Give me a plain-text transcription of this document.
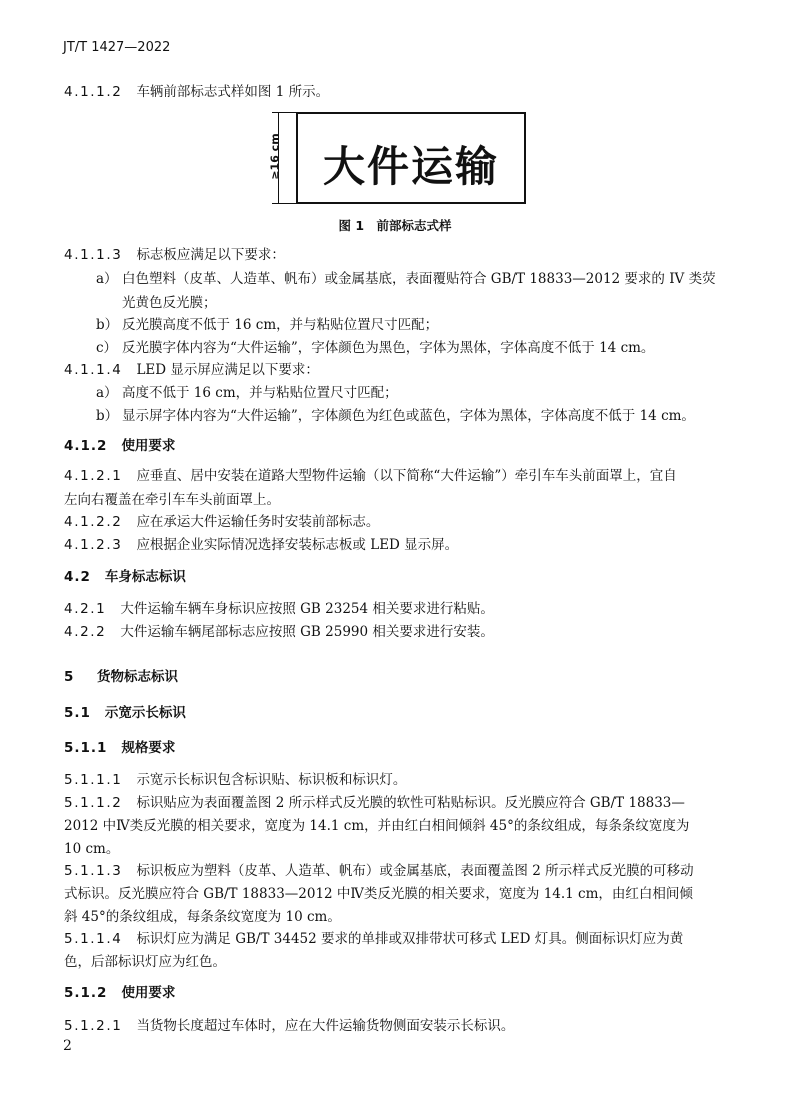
JT/T 1427—2022
4.1.1.2 车辆前部标志式样如图 1 所示。
≥16 cm 大件运输
图 1　前部标志式样
4.1.1.3 标志板应满足以下要求：
a） 白色塑料（皮革、人造革、帆布）或金属基底，表面覆贴符合 GB/T 18833—2012 要求的 IV 类荧
光黄色反光膜；
b） 反光膜高度不低于 16 cm，并与粘贴位置尺寸匹配；
c） 反光膜字体内容为“大件运输”，字体颜色为黑色，字体为黑体，字体高度不低于 14 cm。
4.1.1.4 LED 显示屏应满足以下要求：
a） 高度不低于 16 cm，并与粘贴位置尺寸匹配；
b） 显示屏字体内容为“大件运输”，字体颜色为红色或蓝色，字体为黑体，字体高度不低于 14 cm。
4.1.2 使用要求
4.1.2.1 应垂直、居中安装在道路大型物件运输（以下简称“大件运输”）牵引车车头前面罩上，宜自
左向右覆盖在牵引车车头前面罩上。
4.1.2.2 应在承运大件运输任务时安装前部标志。
4.1.2.3 应根据企业实际情况选择安装标志板或 LED 显示屏。
4.2 车身标志标识
4.2.1 大件运输车辆车身标识应按照 GB 23254 相关要求进行粘贴。
4.2.2 大件运输车辆尾部标志应按照 GB 25990 相关要求进行安装。
5 货物标志标识
5.1 示宽示长标识
5.1.1 规格要求
5.1.1.1 示宽示长标识包含标识贴、标识板和标识灯。
5.1.1.2 标识贴应为表面覆盖图 2 所示样式反光膜的软性可粘贴标识。反光膜应符合 GB/T 18833—
2012 中Ⅳ类反光膜的相关要求，宽度为 14.1 cm，并由红白相间倾斜 45°的条纹组成，每条条纹宽度为
10 cm。
5.1.1.3 标识板应为塑料（皮革、人造革、帆布）或金属基底，表面覆盖图 2 所示样式反光膜的可移动
式标识。反光膜应符合 GB/T 18833—2012 中Ⅳ类反光膜的相关要求，宽度为 14.1 cm，由红白相间倾
斜 45°的条纹组成，每条条纹宽度为 10 cm。
5.1.1.4 标识灯应为满足 GB/T 34452 要求的单排或双排带状可移式 LED 灯具。侧面标识灯应为黄
色，后部标识灯应为红色。
5.1.2 使用要求
5.1.2.1 当货物长度超过车体时，应在大件运输货物侧面安装示长标识。
2
